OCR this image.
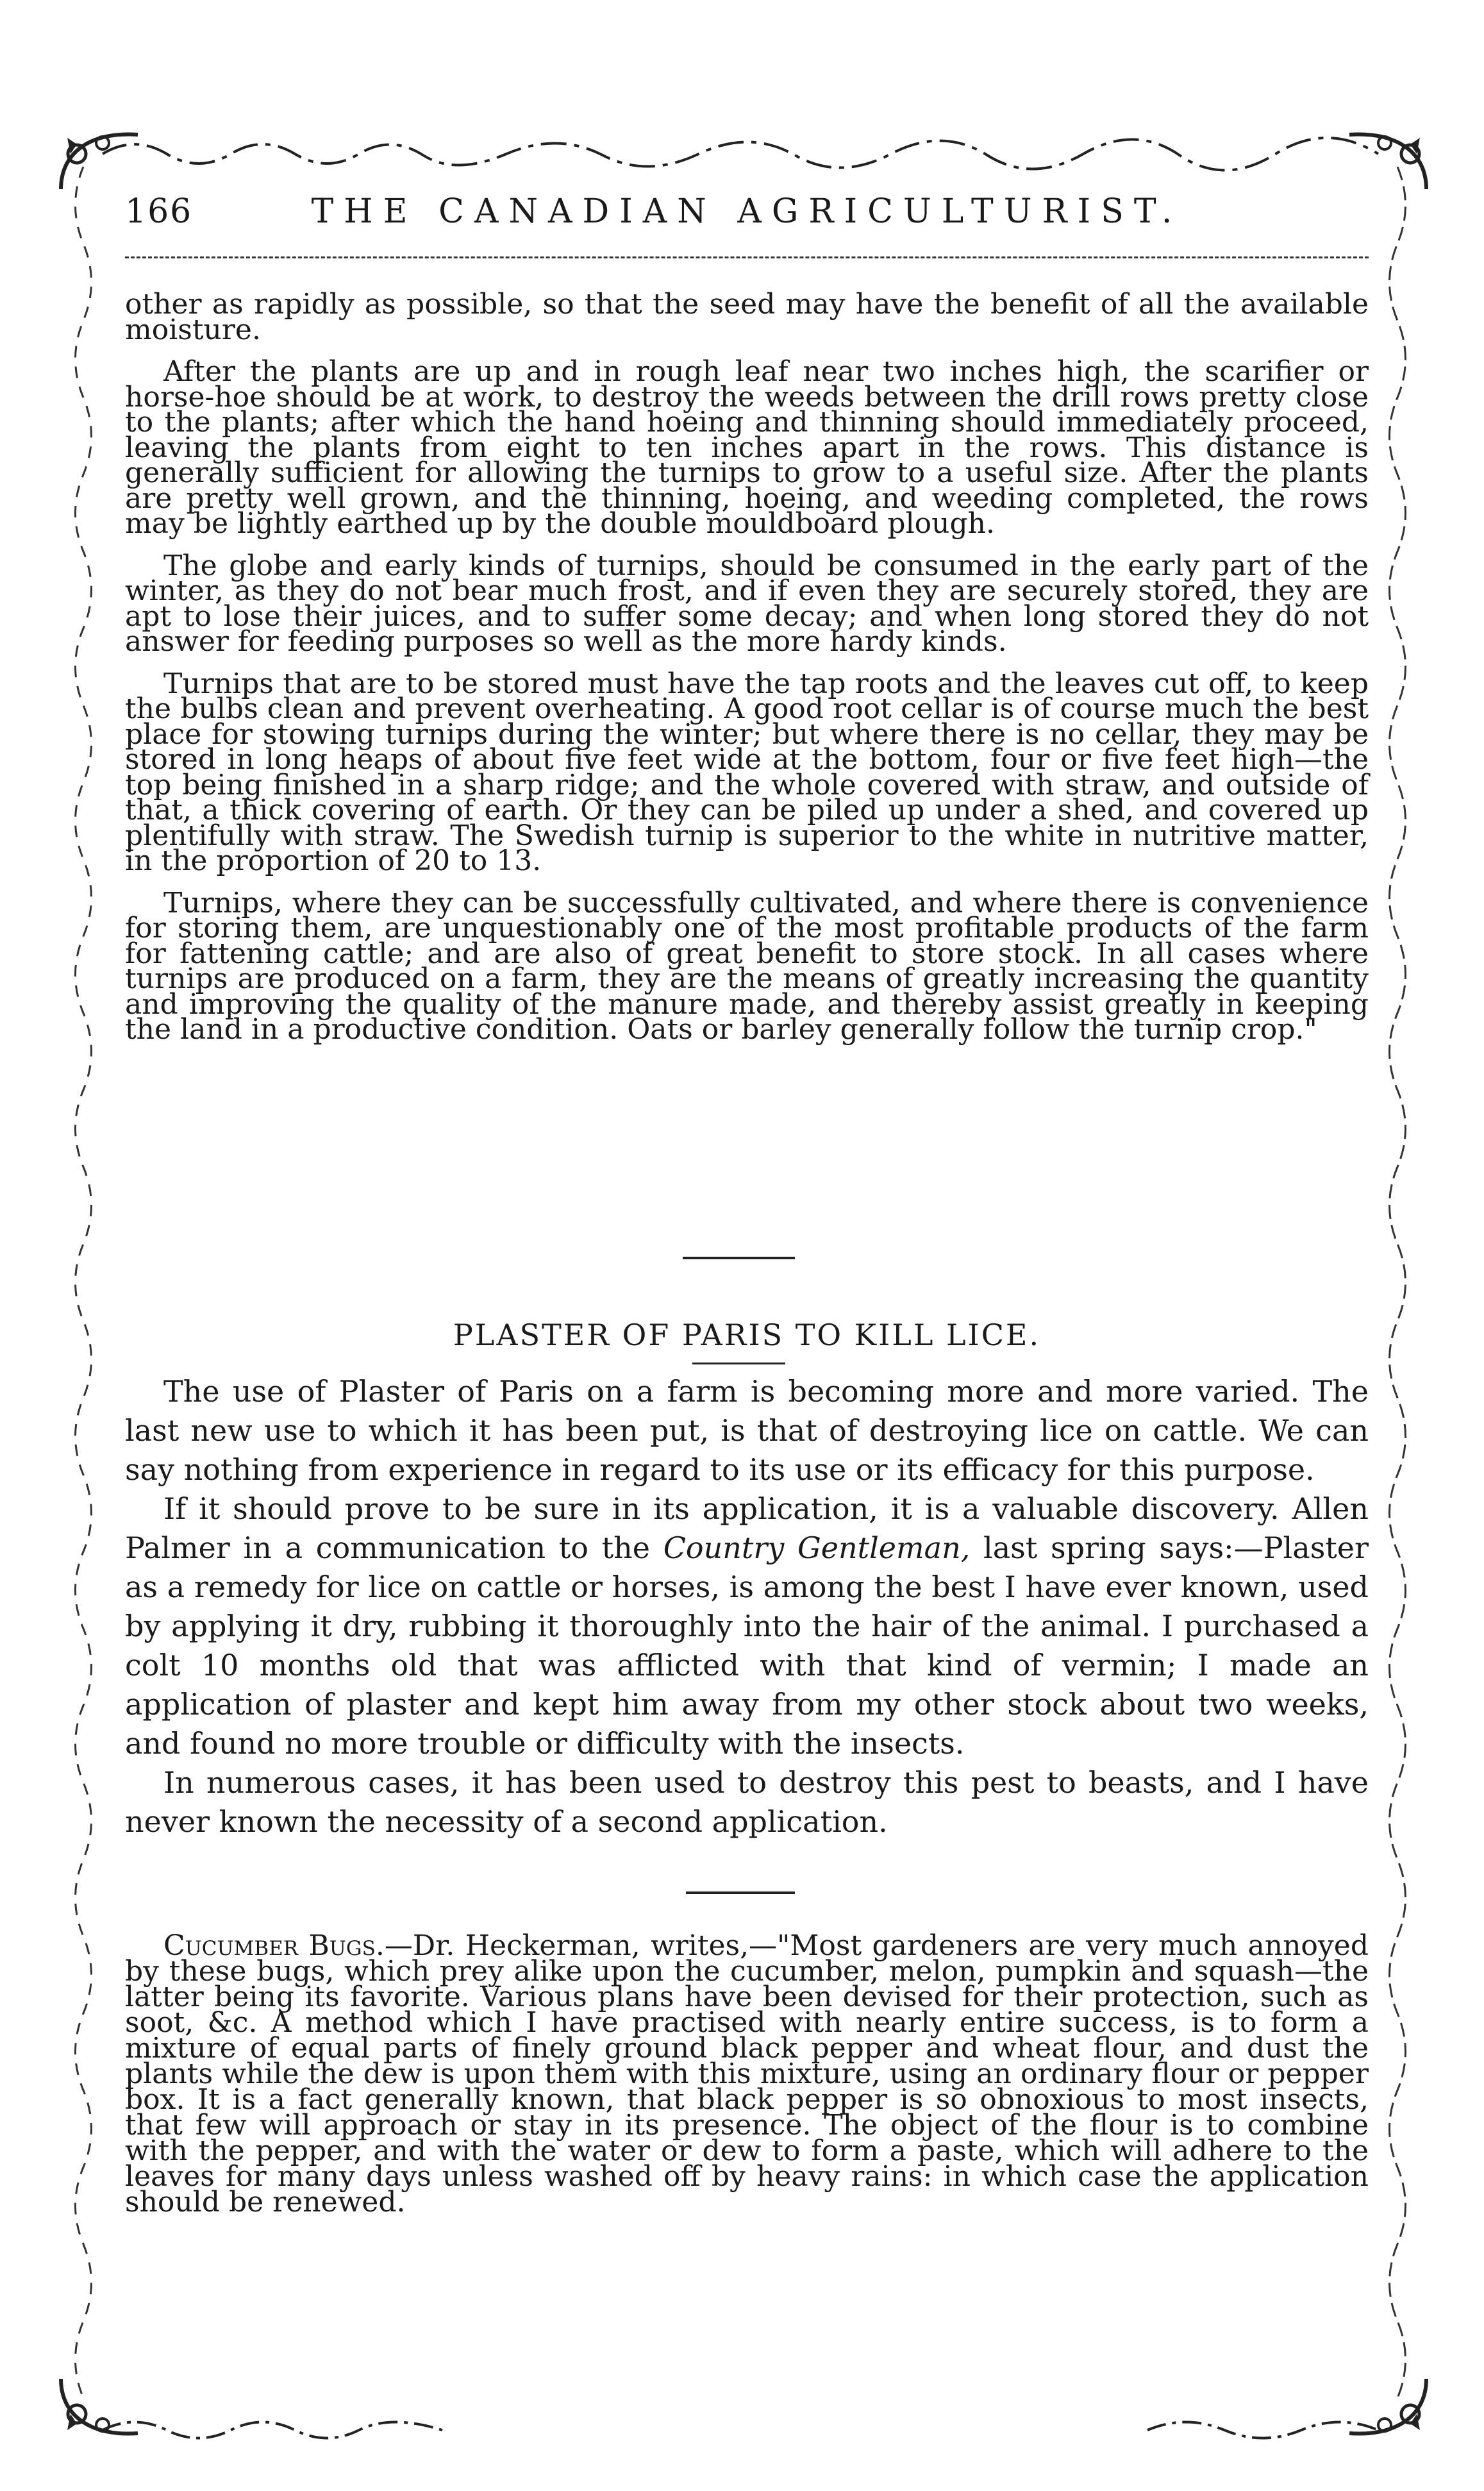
166	THE CANADIAN AGRICULTURIST.

other as rapidly as possible, so that the seed may have the benefit of all the available moisture.

After the plants are up and in rough leaf near two inches high, the scarifier or horse-hoe should be at work, to destroy the weeds between the drill rows pretty close to the plants; after which the hand hoeing and thinning should immediately proceed, leaving the plants from eight to ten inches apart in the rows. This distance is generally sufficient for allowing the turnips to grow to a useful size. After the plants are pretty well grown, and the thinning, hoeing, and weeding completed, the rows may be lightly earthed up by the double mouldboard plough.

The globe and early kinds of turnips, should be consumed in the early part of the winter, as they do not bear much frost, and if even they are securely stored, they are apt to lose their juices, and to suffer some decay; and when long stored they do not answer for feeding purposes so well as the more hardy kinds.

Turnips that are to be stored must have the tap roots and the leaves cut off, to keep the bulbs clean and prevent overheating. A good root cellar is of course much the best place for stowing turnips during the winter; but where there is no cellar, they may be stored in long heaps of about five feet wide at the bottom, four or five feet high—the top being finished in a sharp ridge; and the whole covered with straw, and outside of that, a thick covering of earth. Or they can be piled up under a shed, and covered up plentifully with straw. The Swedish turnip is superior to the white in nutritive matter, in the proportion of 20 to 13.

Turnips, where they can be successfully cultivated, and where there is convenience for storing them, are unquestionably one of the most profitable products of the farm for fattening cattle; and are also of great benefit to store stock. In all cases where turnips are produced on a farm, they are the means of greatly increasing the quantity and improving the quality of the manure made, and thereby assist greatly in keeping the land in a productive condition. Oats or barley generally follow the turnip crop."

PLASTER OF PARIS TO KILL LICE.

The use of Plaster of Paris on a farm is becoming more and more varied. The last new use to which it has been put, is that of destroying lice on cattle. We can say nothing from experience in regard to its use or its efficacy for this purpose.

If it should prove to be sure in its application, it is a valuable discovery. Allen Palmer in a communication to the Country Gentleman, last spring says:—Plaster as a remedy for lice on cattle or horses, is among the best I have ever known, used by applying it dry, rubbing it thoroughly into the hair of the animal. I purchased a colt 10 months old that was afflicted with that kind of vermin; I made an application of plaster and kept him away from my other stock about two weeks, and found no more trouble or difficulty with the insects.

In numerous cases, it has been used to destroy this pest to beasts, and I have never known the necessity of a second application.

Cucumber Bugs.—Dr. Heckerman, writes,—"Most gardeners are very much annoyed by these bugs, which prey alike upon the cucumber, melon, pumpkin and squash—the latter being its favorite. Various plans have been devised for their protection, such as soot, &c. A method which I have practised with nearly entire success, is to form a mixture of equal parts of finely ground black pepper and wheat flour, and dust the plants while the dew is upon them with this mixture, using an ordinary flour or pepper box. It is a fact generally known, that black pepper is so obnoxious to most insects, that few will approach or stay in its presence. The object of the flour is to combine with the pepper, and with the water or dew to form a paste, which will adhere to the leaves for many days unless washed off by heavy rains: in which case the application should be renewed.
